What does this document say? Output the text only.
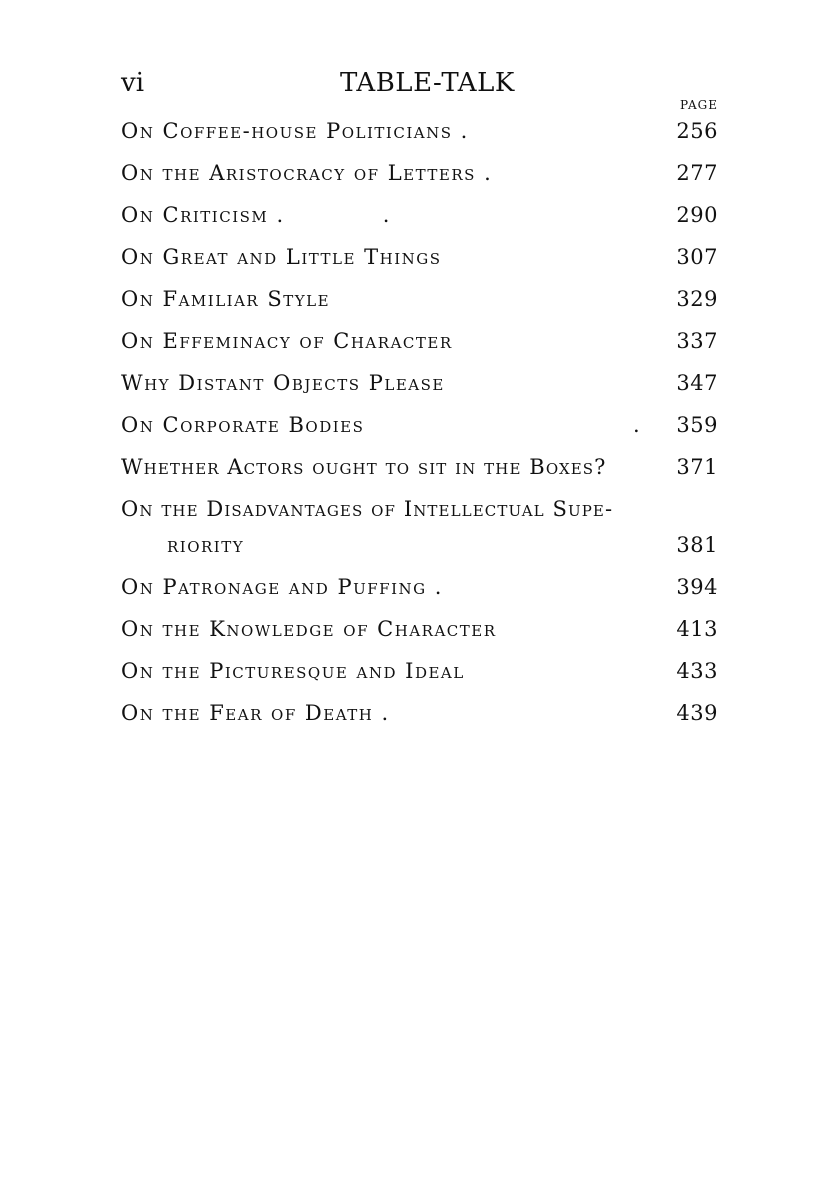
vi	TABLE-TALK
PAGE
On Coffee-house Politicians .	256
On the Aristocracy of Letters .	277
On Criticism .            .	290
On Great and Little Things	307
On Familiar Style	329
On Effeminacy of Character	337
Why Distant Objects Please	347
On Corporate Bodies	. 359
Whether Actors ought to sit in the Boxes?	371
On the Disadvantages of Intellectual Supe-
riority	381
On Patronage and Puffing .	394
On the Knowledge of Character	413
On the Picturesque and Ideal	433
On the Fear of Death .	439
